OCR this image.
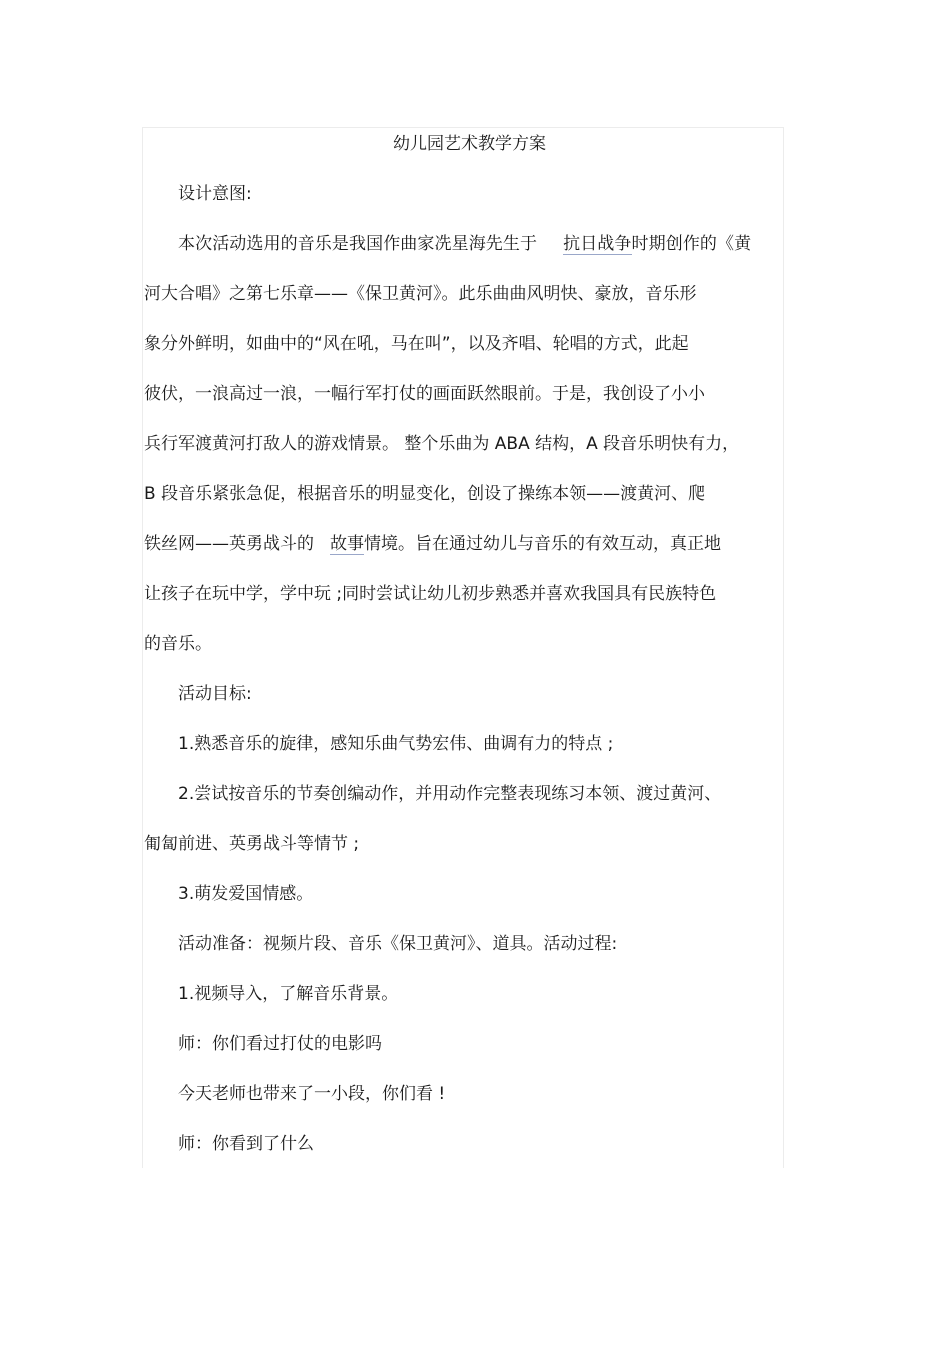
幼儿园艺术教学方案
设计意图:
本次活动选用的音乐是我国作曲家冼星海先生于 抗日战争时期创作的《黄
河大合唱》之第七乐章——《保卫黄河》。此乐曲曲风明快、豪放，音乐形
象分外鲜明，如曲中的“风在吼，马在叫”，以及齐唱、轮唱的方式，此起
彼伏，一浪高过一浪，一幅行军打仗的画面跃然眼前。于是，我创设了小小
兵行军渡黄河打敌人的游戏情景。 整个乐曲为 ABA 结构，A 段音乐明快有力，
B 段音乐紧张急促，根据音乐的明显变化，创设了操练本领——渡黄河、爬
铁丝网——英勇战斗的 故事情境。旨在通过幼儿与音乐的有效互动，真正地
让孩子在玩中学，学中玩 ;同时尝试让幼儿初步熟悉并喜欢我国具有民族特色
的音乐。
活动目标:
1.熟悉音乐的旋律，感知乐曲气势宏伟、曲调有力的特点 ;
2.尝试按音乐的节奏创编动作，并用动作完整表现练习本领、渡过黄河、
匍匐前进、英勇战斗等情节 ;
3.萌发爱国情感。
活动准备：视频片段、音乐《保卫黄河》、道具。活动过程:
1.视频导入，了解音乐背景。
师：你们看过打仗的电影吗
今天老师也带来了一小段，你们看 !
师：你看到了什么
